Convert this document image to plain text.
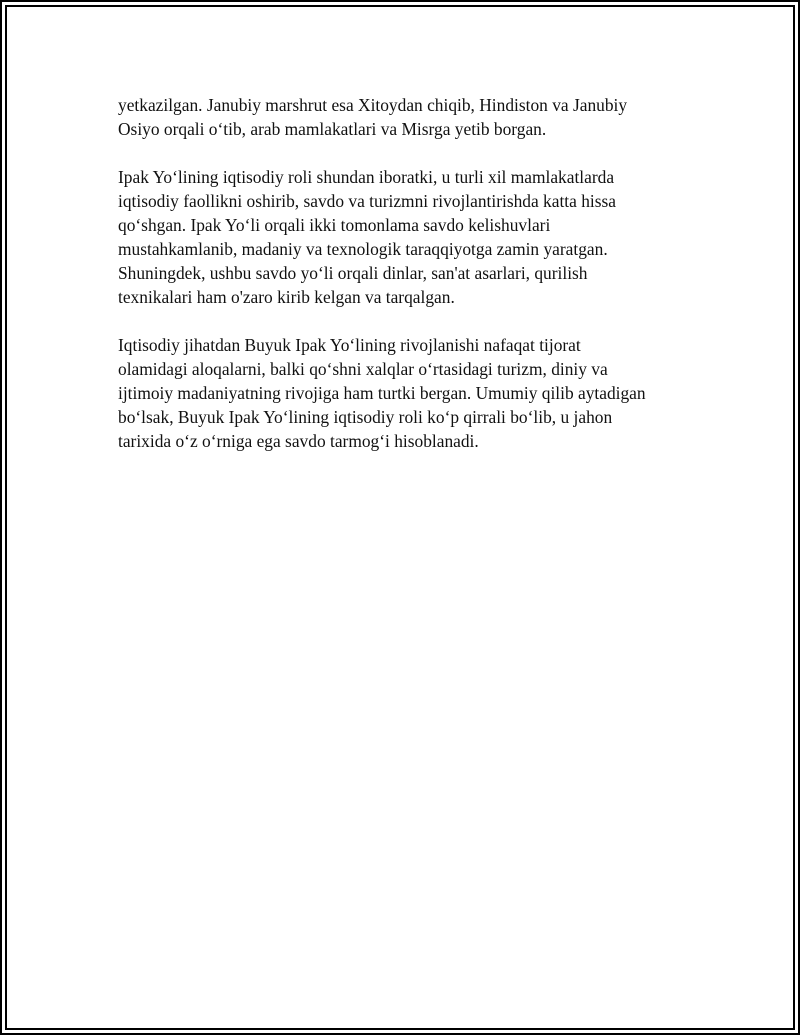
yetkazilgan. Janubiy marshrut esa Xitoydan chiqib, Hindiston va Janubiy
Osiyo orqali o‘tib, arab mamlakatlari va Misrga yetib borgan.

Ipak Yo‘lining iqtisodiy roli shundan iboratki, u turli xil mamlakatlarda
iqtisodiy faollikni oshirib, savdo va turizmni rivojlantirishda katta hissa
qo‘shgan. Ipak Yo‘li orqali ikki tomonlama savdo kelishuvlari
mustahkamlanib, madaniy va texnologik taraqqiyotga zamin yaratgan.
Shuningdek, ushbu savdo yo‘li orqali dinlar, san'at asarlari, qurilish
texnikalari ham o'zaro kirib kelgan va tarqalgan.

Iqtisodiy jihatdan Buyuk Ipak Yo‘lining rivojlanishi nafaqat tijorat
olamidagi aloqalarni, balki qo‘shni xalqlar o‘rtasidagi turizm, diniy va
ijtimoiy madaniyatning rivojiga ham turtki bergan. Umumiy qilib aytadigan
bo‘lsak, Buyuk Ipak Yo‘lining iqtisodiy roli ko‘p qirrali bo‘lib, u jahon
tarixida o‘z o‘rniga ega savdo tarmog‘i hisoblanadi.
